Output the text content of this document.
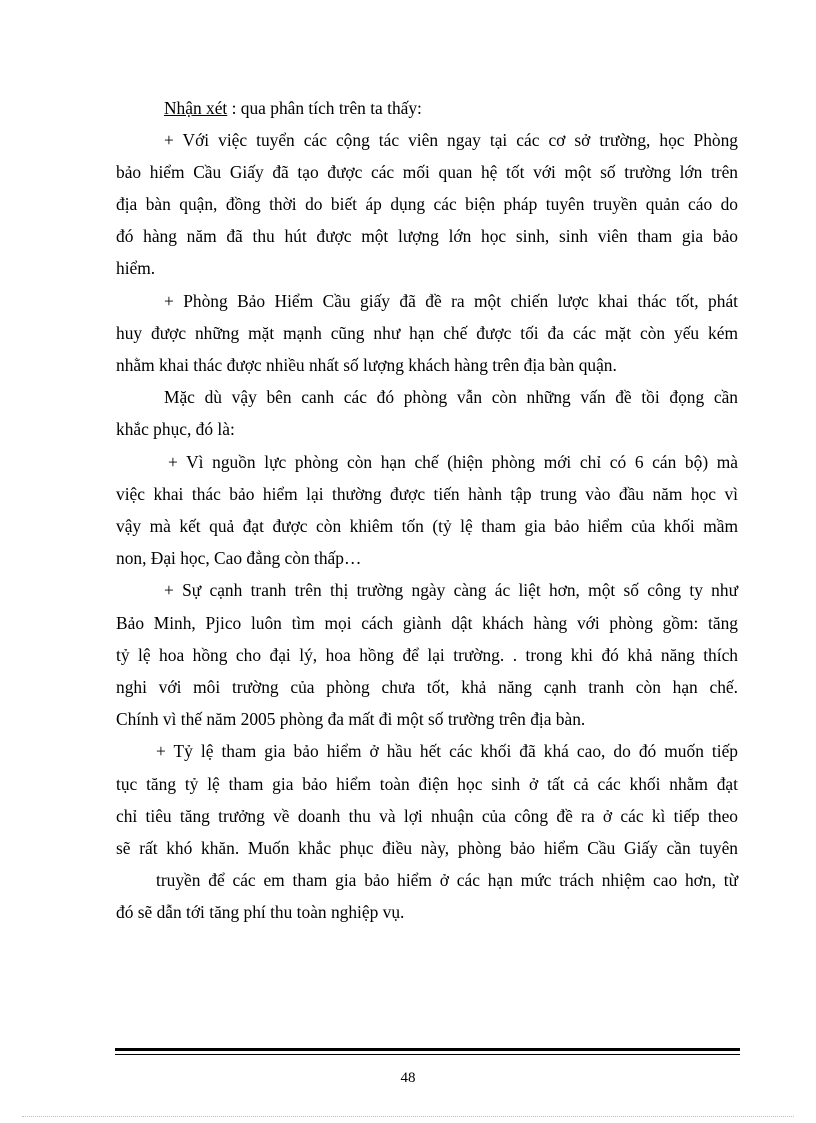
Nhận xét : qua phân tích trên ta thấy:
+ Với việc tuyển các cộng tác viên ngay tại các cơ sở trường, học Phòng
bảo hiểm Cầu Giấy đã tạo được các mối quan hệ tốt với một số trường lớn trên
địa bàn quận, đồng thời do biết áp dụng các biện pháp tuyên truyền quản cáo do
đó hàng năm đã thu hút được một lượng lớn học sinh, sinh viên tham gia bảo
hiểm.
+ Phòng Bảo Hiểm Cầu giấy đã đề ra một chiến lược khai thác tốt, phát
huy được những mặt mạnh cũng như hạn chế được tối đa các mặt còn yếu kém
nhằm khai thác được nhiều nhất số lượng khách hàng trên địa bàn quận.
Mặc dù vậy bên canh các đó phòng vẫn còn những vấn đề tồi đọng cần
khắc phục, đó là:
+ Vì nguồn lực phòng còn hạn chế (hiện phòng mới chỉ có 6 cán bộ) mà
việc khai thác bảo hiểm lại thường được tiến hành tập trung vào đầu năm học vì
vậy mà kết quả đạt được còn khiêm tốn (tỷ lệ tham gia bảo hiểm của khối mầm
non, Đại học, Cao đẳng còn thấp…
+ Sự cạnh tranh trên thị trường ngày càng ác liệt hơn, một số công ty như
Bảo Minh, Pjico luôn tìm mọi cách giành dật khách hàng với phòng gồm: tăng
tỷ lệ hoa hồng cho đại lý, hoa hồng để lại trường. . trong khi đó khả năng thích
nghi với môi trường của phòng chưa tốt, khả năng cạnh tranh còn hạn chế.
Chính vì thế năm 2005 phòng đa mất đi một số trường trên địa bàn.
+ Tỷ lệ tham gia bảo hiểm ở hầu hết các khối đã khá cao, do đó muốn tiếp
tục tăng tỷ lệ tham gia bảo hiểm toàn điện học sinh ở tất cả các khối nhằm đạt
chỉ tiêu tăng trưởng về doanh thu và lợi nhuận của công đề ra ở các kì tiếp theo
sẽ rất khó khăn. Muốn khắc phục điều này, phòng bảo hiểm Cầu Giấy cần tuyên
truyền để các em tham gia bảo hiểm ở các hạn mức trách nhiệm cao hơn, từ
đó sẽ dẫn tới tăng phí thu toàn nghiệp vụ.
48
